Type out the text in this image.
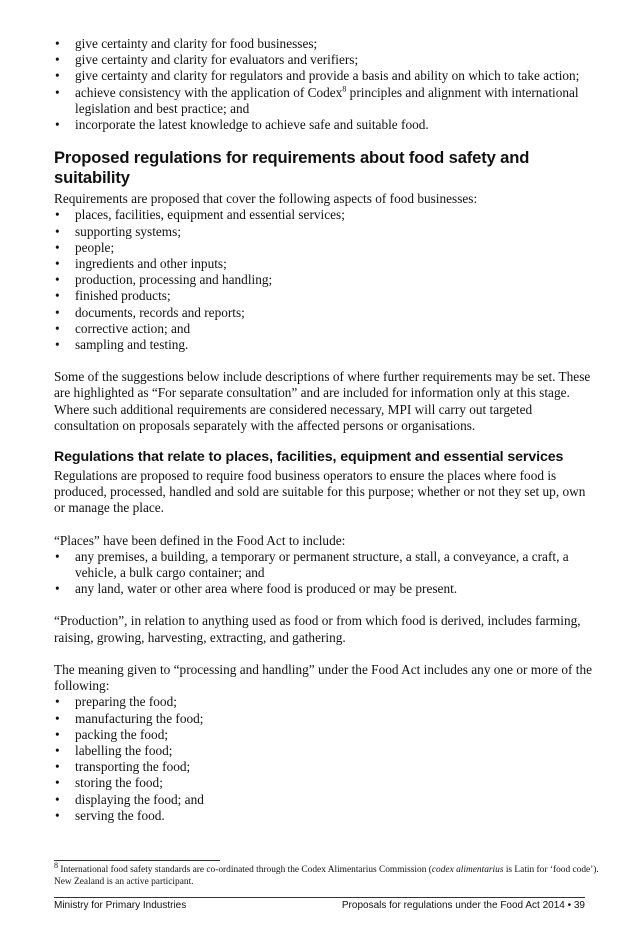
• give certainty and clarity for food businesses;
• give certainty and clarity for evaluators and verifiers;
• give certainty and clarity for regulators and provide a basis and ability on which to take action;
• achieve consistency with the application of Codex$^8$ principles and alignment with international legislation and best practice; and
• incorporate the latest knowledge to achieve safe and suitable food.
Proposed regulations for requirements about food safety and suitability

Requirements are proposed that cover the following aspects of food businesses:

• places, facilities, equipment and essential services;
• supporting systems;
• people;
• ingredients and other inputs;
• production, processing and handling;
• finished products;
• documents, records and reports;
• corrective action; and
• sampling and testing.

Some of the suggestions below include descriptions of where further requirements may be set. These are highlighted as “For separate consultation” and are included for information only at this stage. Where such additional requirements are considered necessary, MPI will carry out targeted consultation on proposals separately with the affected persons or organisations.

Regulations that relate to places, facilities, equipment and essential services

Regulations are proposed to require food business operators to ensure the places where food is produced, processed, handled and sold are suitable for this purpose; whether or not they set up, own or manage the place.

“Places” have been defined in the Food Act to include:

• any premises, a building, a temporary or permanent structure, a stall, a conveyance, a craft, a vehicle, a bulk cargo container; and
• any land, water or other area where food is produced or may be present.

“Production”, in relation to anything used as food or from which food is derived, includes farming, raising, growing, harvesting, extracting, and gathering.

The meaning given to “processing and handling” under the Food Act includes any one or more of the following:

• preparing the food;
• manufacturing the food;
• packing the food;
• labelling the food;
• transporting the food;
• storing the food;
• displaying the food; and
• serving the food.
$^8$ International food safety standards are co-ordinated through the Codex Alimentarius Commission (codex alimentarius is Latin for ‘food code’). New Zealand is an active participant.
Ministry for Primary Industries	Proposals for regulations under the Food Act 2014 • 39
